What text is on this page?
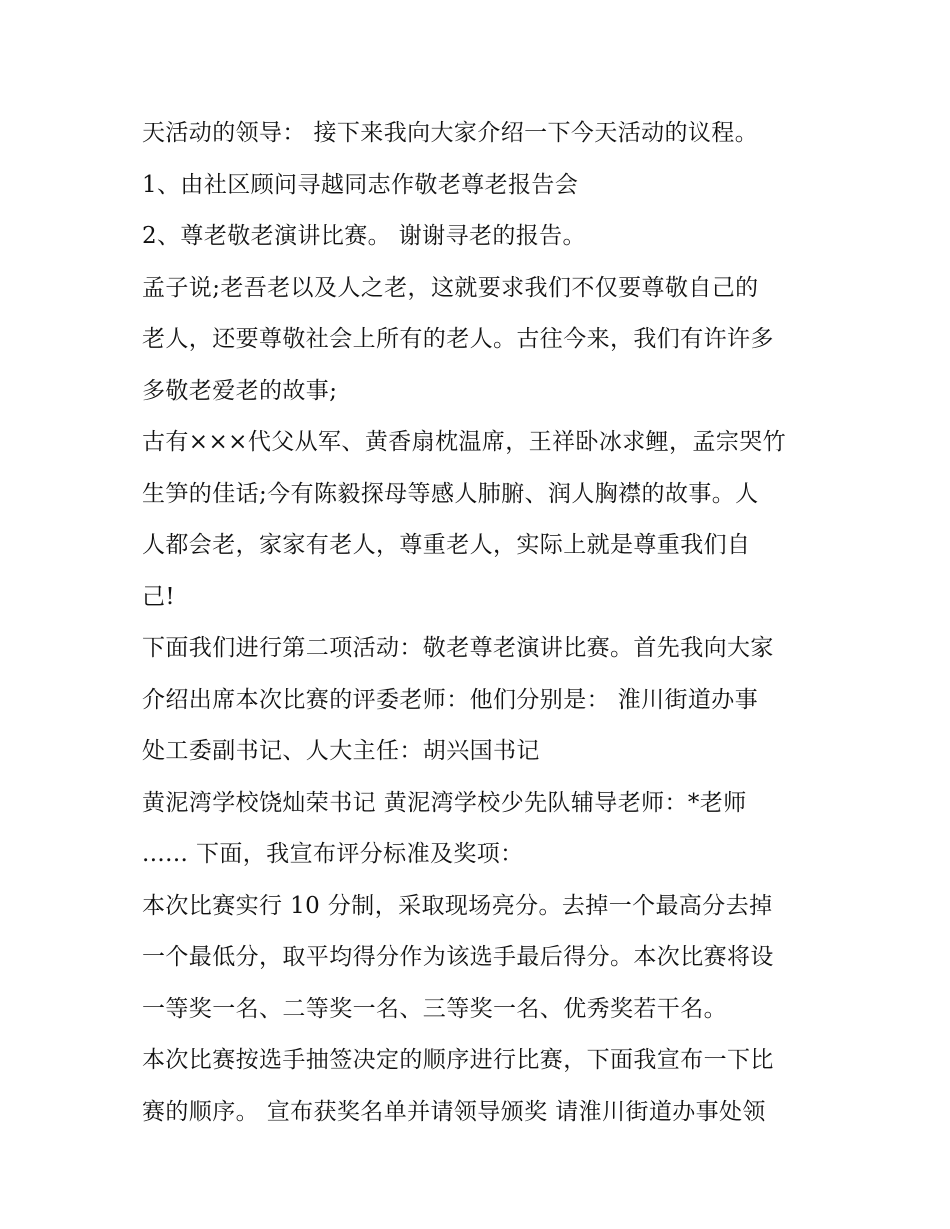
天活动的领导： 接下来我向大家介绍一下今天活动的议程。
1、由社区顾问寻越同志作敬老尊老报告会
2、尊老敬老演讲比赛。 谢谢寻老的报告。
孟子说;老吾老以及人之老，这就要求我们不仅要尊敬自己的
老人，还要尊敬社会上所有的老人。古往今来，我们有许许多
多敬老爱老的故事;
古有×××代父从军、黄香扇枕温席，王祥卧冰求鲤，孟宗哭竹
生笋的佳话;今有陈毅探母等感人肺腑、润人胸襟的故事。人
人都会老，家家有老人，尊重老人，实际上就是尊重我们自
己!
下面我们进行第二项活动：敬老尊老演讲比赛。首先我向大家
介绍出席本次比赛的评委老师：他们分别是： 淮川街道办事
处工委副书记、人大主任：胡兴国书记
黄泥湾学校饶灿荣书记 黄泥湾学校少先队辅导老师：*老师
...... 下面，我宣布评分标准及奖项：
本次比赛实行 10 分制，采取现场亮分。去掉一个最高分去掉
一个最低分，取平均得分作为该选手最后得分。本次比赛将设
一等奖一名、二等奖一名、三等奖一名、优秀奖若干名。
本次比赛按选手抽签决定的顺序进行比赛，下面我宣布一下比
赛的顺序。 宣布获奖名单并请领导颁奖 请淮川街道办事处领
